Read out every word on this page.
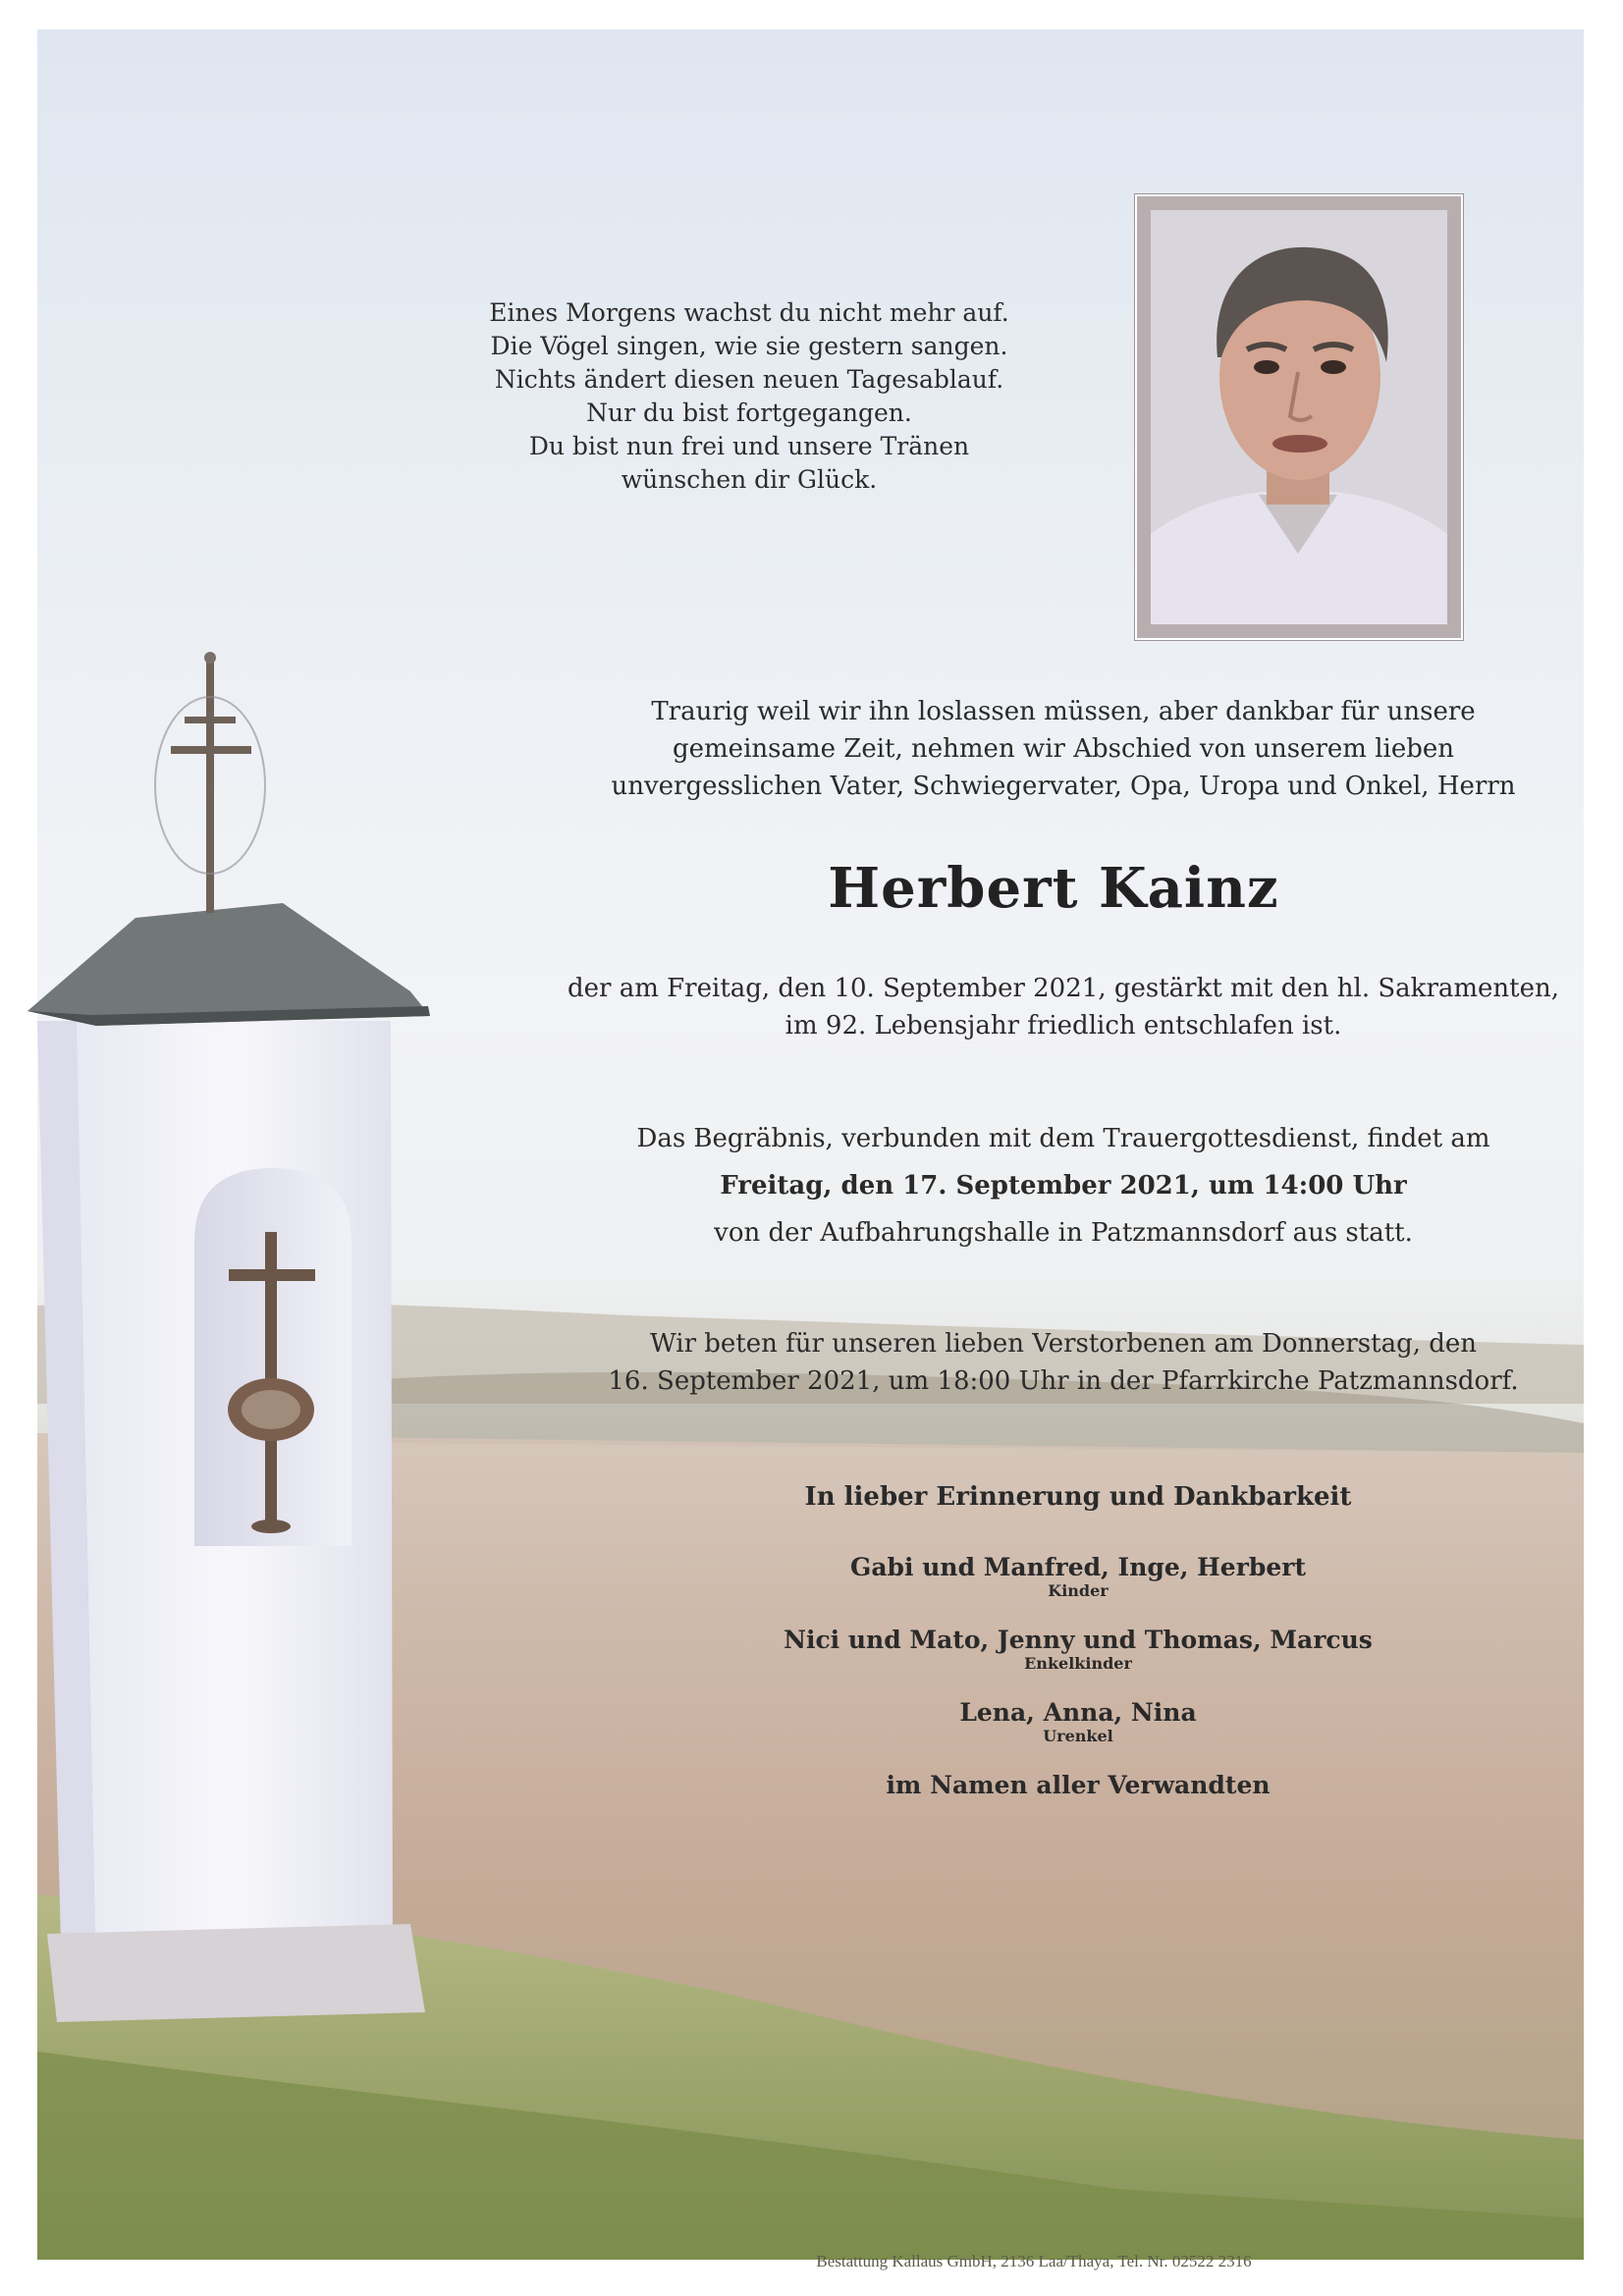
Eines Morgens wachst du nicht mehr auf.
Die Vögel singen, wie sie gestern sangen.
Nichts ändert diesen neuen Tagesablauf.
Nur du bist fortgegangen.
Du bist nun frei und unsere Tränen
wünschen dir Glück.
Traurig weil wir ihn loslassen müssen, aber dankbar für unsere
gemeinsame Zeit, nehmen wir Abschied von unserem lieben
unvergesslichen Vater, Schwiegervater, Opa, Uropa und Onkel, Herrn
Herbert Kainz
der am Freitag, den 10. September 2021, gestärkt mit den hl. Sakramenten,
im 92. Lebensjahr friedlich entschlafen ist.
Das Begräbnis, verbunden mit dem Trauergottesdienst, findet am
Freitag, den 17. September 2021, um 14:00 Uhr
von der Aufbahrungshalle in Patzmannsdorf aus statt.
Wir beten für unseren lieben Verstorbenen am Donnerstag, den
16. September 2021, um 18:00 Uhr in der Pfarrkirche Patzmannsdorf.
In lieber Erinnerung und Dankbarkeit
Gabi und Manfred, Inge, Herbert
Kinder
Nici und Mato, Jenny und Thomas, Marcus
Enkelkinder
Lena, Anna, Nina
Urenkel
im Namen aller Verwandten
Bestattung Kallaus GmbH, 2136 Laa/Thaya, Tel. Nr. 02522 2316
